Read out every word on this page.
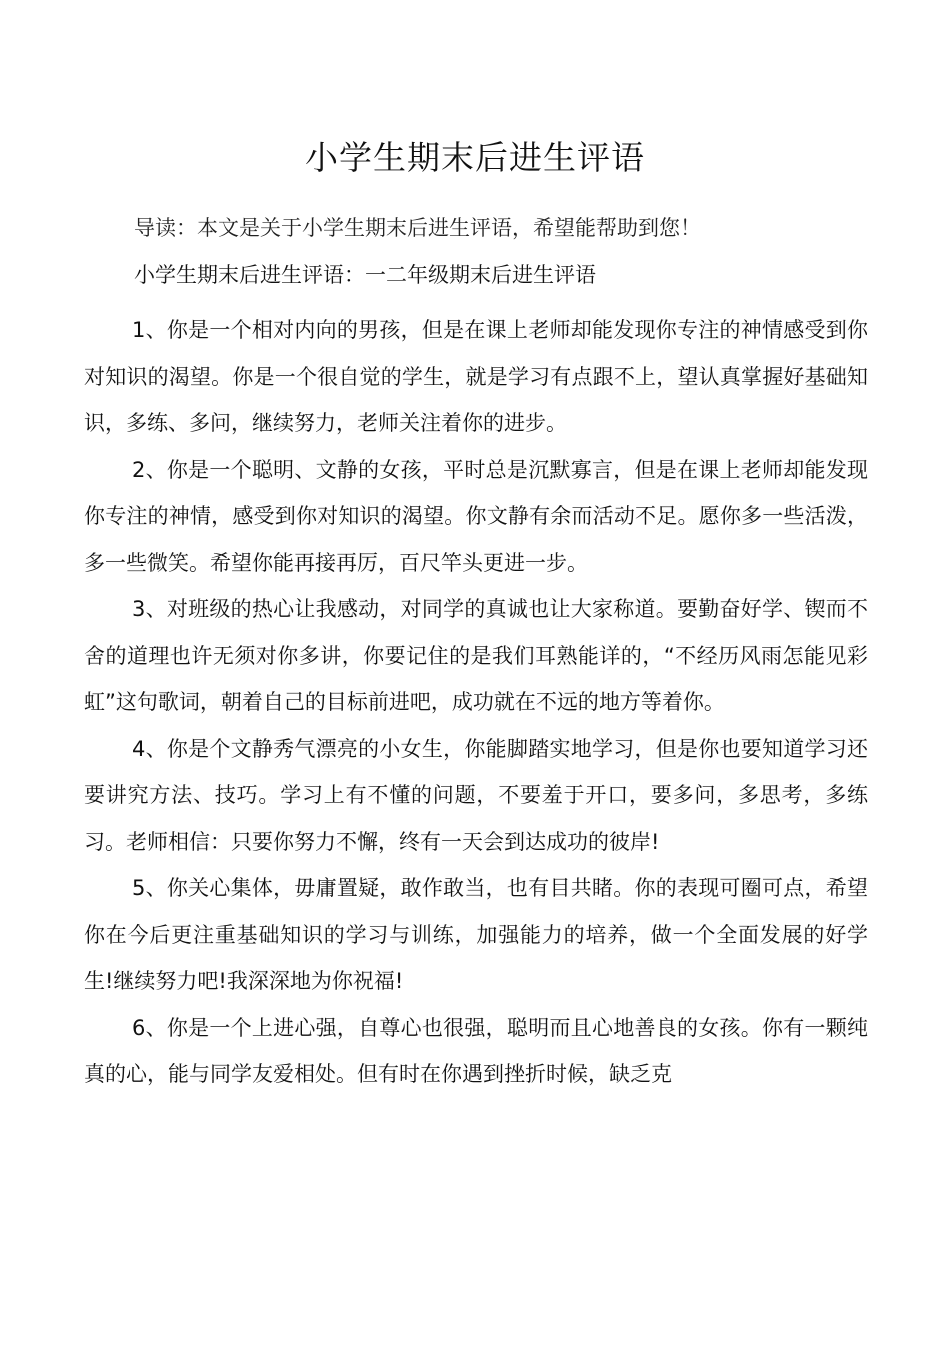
小学生期末后进生评语

导读：本文是关于小学生期末后进生评语，希望能帮助到您！

小学生期末后进生评语：一二年级期末后进生评语

1、你是一个相对内向的男孩，但是在课上老师却能发现你专注的神情感受到你对知识的渴望。你是一个很自觉的学生，就是学习有点跟不上，望认真掌握好基础知识，多练、多问，继续努力，老师关注着你的进步。

2、你是一个聪明、文静的女孩，平时总是沉默寡言，但是在课上老师却能发现你专注的神情，感受到你对知识的渴望。你文静有余而活动不足。愿你多一些活泼，多一些微笑。希望你能再接再厉，百尺竿头更进一步。

3、对班级的热心让我感动，对同学的真诚也让大家称道。要勤奋好学、锲而不舍的道理也许无须对你多讲，你要记住的是我们耳熟能详的，“不经历风雨怎能见彩虹”这句歌词，朝着自己的目标前进吧，成功就在不远的地方等着你。

4、你是个文静秀气漂亮的小女生，你能脚踏实地学习，但是你也要知道学习还要讲究方法、技巧。学习上有不懂的问题，不要羞于开口，要多问，多思考，多练习。老师相信：只要你努力不懈，终有一天会到达成功的彼岸!

5、你关心集体，毋庸置疑，敢作敢当，也有目共睹。你的表现可圈可点，希望你在今后更注重基础知识的学习与训练，加强能力的培养，做一个全面发展的好学生!继续努力吧!我深深地为你祝福!

6、你是一个上进心强，自尊心也很强，聪明而且心地善良的女孩。你有一颗纯真的心，能与同学友爱相处。但有时在你遇到挫折时候，缺乏克
